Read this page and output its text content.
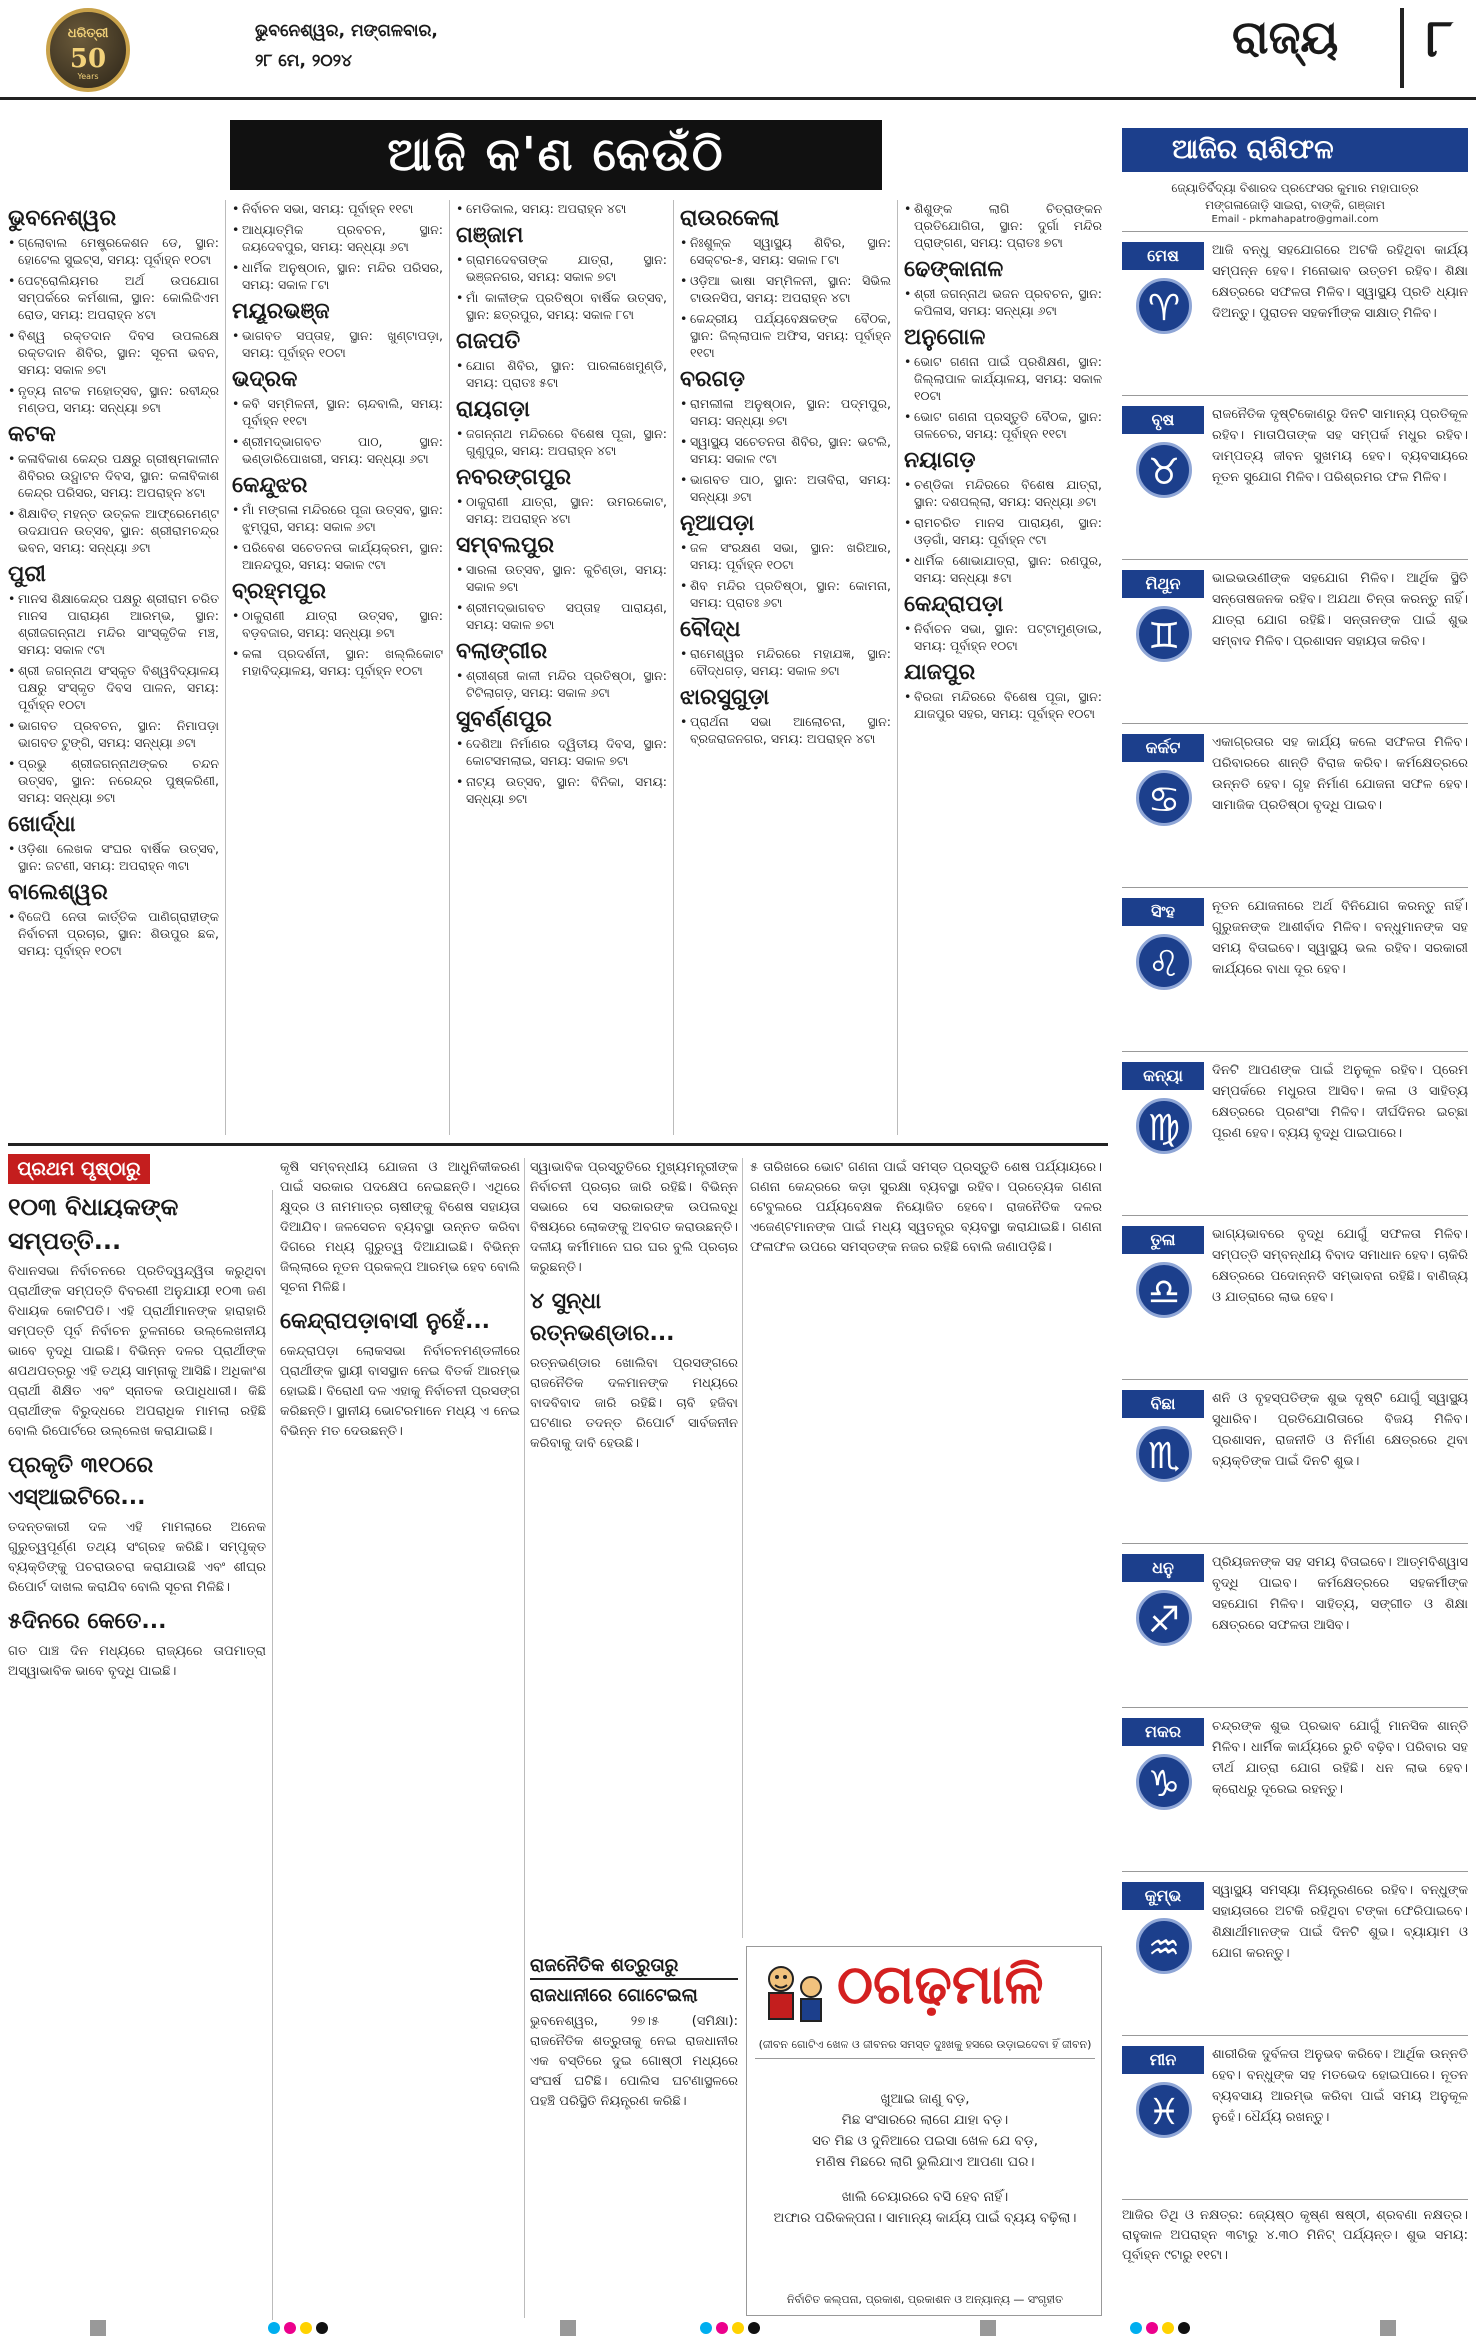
ଧରିତ୍ରୀ
50
Years
ଭୁବନେଶ୍ୱର, ମଙ୍ଗଳବାର,
୨୮ ମେ, ୨୦୨୪	ରାଜ୍ୟ	୮
ଆଜି କ'ଣ କେଉଁଠି
ଭୁବନେଶ୍ୱର
• ଗ୍ଲୋବାଲ ମେଷ୍ଟ୍ରକେଶନ ଡେ, ସ୍ଥାନ: ହୋଟେଲ ସୁଇଟ୍ସ, ସମୟ: ପୂର୍ବାହ୍ନ ୧୦ଟା
• ପେଟ୍ରୋଲିୟମର ଅର୍ଥ ଉପଯୋଗ ସମ୍ପର୍କରେ କର୍ମଶାଳା, ସ୍ଥାନ: କୋଲିଜିଏମ ରୋଡ, ସମୟ: ଅପରାହ୍ନ ୪ଟା
• ବିଶ୍ୱ ରକ୍ତଦାନ ଦିବସ ଉପଲକ୍ଷେ ରକ୍ତଦାନ ଶିବିର, ସ୍ଥାନ: ସୂଚନା ଭବନ, ସମୟ: ସକାଳ ୭ଟା
• ନୃତ୍ୟ ନାଟକ ମହୋତ୍ସବ, ସ୍ଥାନ: ରବୀନ୍ଦ୍ର ମଣ୍ଡପ, ସମୟ: ସନ୍ଧ୍ୟା ୭ଟା
କଟକ
• କଳାବିକାଶ କେନ୍ଦ୍ର ପକ୍ଷରୁ ଗ୍ରୀଷ୍ମକାଳୀନ ଶିବିରର ଉଦ୍ଘାଟନ ଦିବସ, ସ୍ଥାନ: କଳାବିକାଶ କେନ୍ଦ୍ର ପରିସର, ସମୟ: ଅପରାହ୍ନ ୪ଟା
• ଶିକ୍ଷାବିତ୍ ମହନ୍ତ ଉତ୍କଳ ଆଫ୍ରେମେଣ୍ଟ ଉଦଯାପନ ଉତ୍ସବ, ସ୍ଥାନ: ଶ୍ରୀରାମଚନ୍ଦ୍ର ଭବନ, ସମୟ: ସନ୍ଧ୍ୟା ୬ଟା
ପୁରୀ
• ମାନସ ଶିକ୍ଷାକେନ୍ଦ୍ର ପକ୍ଷରୁ ଶ୍ରୀରାମ ଚରିତ ମାନସ ପାରାୟଣ ଆରମ୍ଭ, ସ୍ଥାନ: ଶ୍ରୀଜଗନ୍ନାଥ ମନ୍ଦିର ସାଂସ୍କୃତିକ ମଞ୍ଚ, ସମୟ: ସକାଳ ୯ଟା
• ଶ୍ରୀ ଜଗନ୍ନାଥ ସଂସ୍କୃତ ବିଶ୍ୱବିଦ୍ୟାଳୟ ପକ୍ଷରୁ ସଂସ୍କୃତ ଦିବସ ପାଳନ, ସମୟ: ପୂର୍ବାହ୍ନ ୧୦ଟା
• ଭାଗବତ ପ୍ରବଚନ, ସ୍ଥାନ: ନିମାପଡ଼ା ଭାଗବତ ଟୁଙ୍ଗି, ସମୟ: ସନ୍ଧ୍ୟା ୬ଟା
• ପ୍ରଭୁ ଶ୍ରୀଜଗନ୍ନାଥଙ୍କର ଚନ୍ଦନ ଉତ୍ସବ, ସ୍ଥାନ: ନରେନ୍ଦ୍ର ପୁଷ୍କରିଣୀ, ସମୟ: ସନ୍ଧ୍ୟା ୭ଟା
ଖୋର୍ଦ୍ଧା
• ଓଡ଼ିଶା ଲେଖକ ସଂଘର ବାର୍ଷିକ ଉତ୍ସବ, ସ୍ଥାନ: ଜଟଣୀ, ସମୟ: ଅପରାହ୍ନ ୩ଟା
ବାଲେଶ୍ୱର
• ବିଜେପି ନେତା କାର୍ତ୍ତିକ ପାଣିଗ୍ରାହୀଙ୍କ ନିର୍ବାଚନୀ ପ୍ରଚାର, ସ୍ଥାନ: ଶିଉପୁର ଛକ, ସମୟ: ପୂର୍ବାହ୍ନ ୧୦ଟା
• ନିର୍ବାଚନ ସଭା, ସମୟ: ପୂର୍ବାହ୍ନ ୧୧ଟା
• ଆଧ୍ୟାତ୍ମିକ ପ୍ରବଚନ, ସ୍ଥାନ: ଜୟଦେବପୁର, ସମୟ: ସନ୍ଧ୍ୟା ୬ଟା
• ଧାର୍ମିକ ଅନୁଷ୍ଠାନ, ସ୍ଥାନ: ମନ୍ଦିର ପରିସର, ସମୟ: ସକାଳ ୮ଟା
ମୟୂରଭଞ୍ଜ
• ଭାଗବତ ସପ୍ତାହ, ସ୍ଥାନ: ଖୁଣ୍ଟାପଡ଼ା, ସମୟ: ପୂର୍ବାହ୍ନ ୧୦ଟା
ଭଦ୍ରକ
• କବି ସମ୍ମିଳନୀ, ସ୍ଥାନ: ଚାନ୍ଦବାଲି, ସମୟ: ପୂର୍ବାହ୍ନ ୧୧ଟା
• ଶ୍ରୀମଦ୍ଭାଗବତ ପାଠ, ସ୍ଥାନ: ଭଣ୍ଡାରିପୋଖରୀ, ସମୟ: ସନ୍ଧ୍ୟା ୬ଟା
କେନ୍ଦୁଝର
• ମାଁ ମଙ୍ଗଳା ମନ୍ଦିରରେ ପୂଜା ଉତ୍ସବ, ସ୍ଥାନ: ଝୁମ୍ପୁରା, ସମୟ: ସକାଳ ୬ଟା
• ପରିବେଶ ସଚେତନତା କାର୍ଯ୍ୟକ୍ରମ, ସ୍ଥାନ: ଆନନ୍ଦପୁର, ସମୟ: ସକାଳ ୯ଟା
ବ୍ରହ୍ମପୁର
• ଠାକୁରାଣୀ ଯାତ୍ରା ଉତ୍ସବ, ସ୍ଥାନ: ବଡ଼ବଜାର, ସମୟ: ସନ୍ଧ୍ୟା ୭ଟା
• କଳା ପ୍ରଦର୍ଶନୀ, ସ୍ଥାନ: ଖଲ୍ଲିକୋଟ ମହାବିଦ୍ୟାଳୟ, ସମୟ: ପୂର୍ବାହ୍ନ ୧୦ଟା
• ମେଡିକାଲ, ସମୟ: ଅପରାହ୍ନ ୪ଟା
ଗଞ୍ଜାମ
• ଗ୍ରାମଦେବତାଙ୍କ ଯାତ୍ରା, ସ୍ଥାନ: ଭଞ୍ଜନଗର, ସମୟ: ସକାଳ ୭ଟା
• ମାଁ କାଳୀଙ୍କ ପ୍ରତିଷ୍ଠା ବାର୍ଷିକ ଉତ୍ସବ, ସ୍ଥାନ: ଛତ୍ରପୁର, ସମୟ: ସକାଳ ୮ଟା
ଗଜପତି
• ଯୋଗ ଶିବିର, ସ୍ଥାନ: ପାରଳାଖେମୁଣ୍ଡି, ସମୟ: ପ୍ରାତଃ ୫ଟା
ରାୟଗଡ଼ା
• ଜଗନ୍ନାଥ ମନ୍ଦିରରେ ବିଶେଷ ପୂଜା, ସ୍ଥାନ: ଗୁଣୁପୁର, ସମୟ: ଅପରାହ୍ନ ୪ଟା
ନବରଙ୍ଗପୁର
• ଠାକୁରାଣୀ ଯାତ୍ରା, ସ୍ଥାନ: ଉମରକୋଟ, ସମୟ: ଅପରାହ୍ନ ୪ଟା
ସମ୍ବଲପୁର
• ସାରଳା ଉତ୍ସବ, ସ୍ଥାନ: କୁଚିଣ୍ଡା, ସମୟ: ସକାଳ ୭ଟା
• ଶ୍ରୀମଦ୍ଭାଗବତ ସପ୍ତାହ ପାରାୟଣ, ସମୟ: ସକାଳ ୭ଟା
ବଲାଙ୍ଗୀର
• ଶ୍ରୀଶ୍ରୀ କାଳୀ ମନ୍ଦିର ପ୍ରତିଷ୍ଠା, ସ୍ଥାନ: ଟିଟିଲାଗଡ଼, ସମୟ: ସକାଳ ୬ଟା
ସୁବର୍ଣ୍ଣପୁର
• ଦେଶିଆ ନିର୍ମାଣର ଦ୍ୱିତୀୟ ଦିବସ, ସ୍ଥାନ: କୋଟସମଲାଇ, ସମୟ: ସକାଳ ୭ଟା
• ନାଟ୍ୟ ଉତ୍ସବ, ସ୍ଥାନ: ବିନିକା, ସମୟ: ସନ୍ଧ୍ୟା ୭ଟା
ରାଉରକେଲା
• ନିଃଶୁଳ୍କ ସ୍ୱାସ୍ଥ୍ୟ ଶିବିର, ସ୍ଥାନ: ସେକ୍ଟର-୫, ସମୟ: ସକାଳ ୮ଟା
• ଓଡ଼ିଆ ଭାଷା ସମ୍ମିଳନୀ, ସ୍ଥାନ: ସିଭିଲ ଟାଉନସିପ, ସମୟ: ଅପରାହ୍ନ ୪ଟା
• କେନ୍ଦ୍ରୀୟ ପର୍ଯ୍ୟବେକ୍ଷକଙ୍କ ବୈଠକ, ସ୍ଥାନ: ଜିଲ୍ଲାପାଳ ଅଫିସ, ସମୟ: ପୂର୍ବାହ୍ନ ୧୧ଟା
ବରଗଡ଼
• ରାମଲୀଳା ଅନୁଷ୍ଠାନ, ସ୍ଥାନ: ପଦ୍ମପୁର, ସମୟ: ସନ୍ଧ୍ୟା ୭ଟା
• ସ୍ୱାସ୍ଥ୍ୟ ସଚେତନତା ଶିବିର, ସ୍ଥାନ: ଭଟଲି, ସମୟ: ସକାଳ ୯ଟା
• ଭାଗବତ ପାଠ, ସ୍ଥାନ: ଅତାବିରା, ସମୟ: ସନ୍ଧ୍ୟା ୬ଟା
ନୂଆପଡ଼ା
• ଜଳ ସଂରକ୍ଷଣ ସଭା, ସ୍ଥାନ: ଖରିଆର, ସମୟ: ପୂର୍ବାହ୍ନ ୧୦ଟା
• ଶିବ ମନ୍ଦିର ପ୍ରତିଷ୍ଠା, ସ୍ଥାନ: କୋମନା, ସମୟ: ପ୍ରାତଃ ୬ଟା
ବୌଦ୍ଧ
• ରାମେଶ୍ୱର ମନ୍ଦିରରେ ମହାଯଜ୍ଞ, ସ୍ଥାନ: ବୌଦ୍ଧଗଡ଼, ସମୟ: ସକାଳ ୭ଟା
ଝାରସୁଗୁଡ଼ା
• ପ୍ରାର୍ଥନା ସଭା ଆଲୋଚନା, ସ୍ଥାନ: ବ୍ରଜରାଜନଗର, ସମୟ: ଅପରାହ୍ନ ୪ଟା
• ଶିଶୁଙ୍କ ଲାଗି ଚିତ୍ରାଙ୍କନ ପ୍ରତିଯୋଗିତା, ସ୍ଥାନ: ଦୁର୍ଗା ମନ୍ଦିର ପ୍ରାଙ୍ଗଣ, ସମୟ: ପ୍ରାତଃ ୭ଟା
ଢେଙ୍କାନାଳ
• ଶ୍ରୀ ଜଗନ୍ନାଥ ଭଜନ ପ୍ରବଚନ, ସ୍ଥାନ: କପିଳାସ, ସମୟ: ସନ୍ଧ୍ୟା ୬ଟା
ଅନୁଗୋଳ
• ଭୋଟ ଗଣନା ପାଇଁ ପ୍ରଶିକ୍ଷଣ, ସ୍ଥାନ: ଜିଲ୍ଲାପାଳ କାର୍ଯ୍ୟାଳୟ, ସମୟ: ସକାଳ ୧୦ଟା
• ଭୋଟ ଗଣନା ପ୍ରସ୍ତୁତି ବୈଠକ, ସ୍ଥାନ: ତାଳଚେର, ସମୟ: ପୂର୍ବାହ୍ନ ୧୧ଟା
ନୟାଗଡ଼
• ଚଣ୍ଡିକା ମନ୍ଦିରରେ ବିଶେଷ ଯାତ୍ରା, ସ୍ଥାନ: ଦଶପଲ୍ଲା, ସମୟ: ସନ୍ଧ୍ୟା ୬ଟା
• ରାମଚରିତ ମାନସ ପାରାୟଣ, ସ୍ଥାନ: ଓଡ଼ଗାଁ, ସମୟ: ପୂର୍ବାହ୍ନ ୯ଟା
• ଧାର୍ମିକ ଶୋଭାଯାତ୍ରା, ସ୍ଥାନ: ରଣପୁର, ସମୟ: ସନ୍ଧ୍ୟା ୫ଟା
କେନ୍ଦ୍ରାପଡ଼ା
• ନିର୍ବାଚନ ସଭା, ସ୍ଥାନ: ପଟ୍ଟାମୁଣ୍ଡାଇ, ସମୟ: ପୂର୍ବାହ୍ନ ୧୦ଟା
ଯାଜପୁର
• ବିରଜା ମନ୍ଦିରରେ ବିଶେଷ ପୂଜା, ସ୍ଥାନ: ଯାଜପୁର ସହର, ସମୟ: ପୂର୍ବାହ୍ନ ୧୦ଟା
ଆଜିର ରାଶିଫଳ
ଜ୍ୟୋତିର୍ବିଦ୍ୟା ବିଶାରଦ ପ୍ରଫେସର କୁମାର ମହାପାତ୍ର
ମଙ୍ଗଳାଜୋଡ଼ି ସାଇରା, ବାଙ୍କି, ଗଞ୍ଜାମ
Email - pkmahapatro@gmail.com
ମେଷ
♈
ଆଜି ବନ୍ଧୁ ସହଯୋଗରେ ଅଟକି ରହିଥିବା କାର୍ଯ୍ୟ ସମ୍ପନ୍ନ ହେବ। ମନୋଭାବ ଉତ୍ତମ ରହିବ। ଶିକ୍ଷା କ୍ଷେତ୍ରରେ ସଫଳତା ମିଳିବ। ସ୍ୱାସ୍ଥ୍ୟ ପ୍ରତି ଧ୍ୟାନ ଦିଅନ୍ତୁ। ପୁରାତନ ସହକର୍ମୀଙ୍କ ସାକ୍ଷାତ୍ ମିଳିବ।
ବୃଷ
♉
ରାଜନୈତିକ ଦୃଷ୍ଟିକୋଣରୁ ଦିନଟି ସାମାନ୍ୟ ପ୍ରତିକୂଳ ରହିବ। ମାତାପିତାଙ୍କ ସହ ସମ୍ପର୍କ ମଧୁର ରହିବ। ଦାମ୍ପତ୍ୟ ଜୀବନ ସୁଖମୟ ହେବ। ବ୍ୟବସାୟରେ ନୂତନ ସୁଯୋଗ ମିଳିବ। ପରିଶ୍ରମର ଫଳ ମିଳିବ।
ମିଥୁନ
♊
ଭାଇଭଉଣୀଙ୍କ ସହଯୋଗ ମିଳିବ। ଆର୍ଥିକ ସ୍ଥିତି ସନ୍ତୋଷଜନକ ରହିବ। ଅଯଥା ଚିନ୍ତା କରନ୍ତୁ ନାହିଁ। ଯାତ୍ରା ଯୋଗ ରହିଛି। ସନ୍ତାନଙ୍କ ପାଇଁ ଶୁଭ ସମ୍ବାଦ ମିଳିବ। ପ୍ରଶାସନ ସହାୟତା କରିବ।
କର୍କଟ
♋
ଏକାଗ୍ରତାର ସହ କାର୍ଯ୍ୟ କଲେ ସଫଳତା ମିଳିବ। ପରିବାରରେ ଶାନ୍ତି ବିରାଜ କରିବ। କର୍ମକ୍ଷେତ୍ରରେ ଉନ୍ନତି ହେବ। ଗୃହ ନିର୍ମାଣ ଯୋଜନା ସଫଳ ହେବ। ସାମାଜିକ ପ୍ରତିଷ୍ଠା ବୃଦ୍ଧି ପାଇବ।
ସିଂହ
♌
ନୂତନ ଯୋଜନାରେ ଅର୍ଥ ବିନିଯୋଗ କରନ୍ତୁ ନାହିଁ। ଗୁରୁଜନଙ୍କ ଆଶୀର୍ବାଦ ମିଳିବ। ବନ୍ଧୁମାନଙ୍କ ସହ ସମୟ ବିତାଇବେ। ସ୍ୱାସ୍ଥ୍ୟ ଭଲ ରହିବ। ସରକାରୀ କାର୍ଯ୍ୟରେ ବାଧା ଦୂର ହେବ।
କନ୍ୟା
♍
ଦିନଟି ଆପଣଙ୍କ ପାଇଁ ଅନୁକୂଳ ରହିବ। ପ୍ରେମ ସମ୍ପର୍କରେ ମଧୁରତା ଆସିବ। କଳା ଓ ସାହିତ୍ୟ କ୍ଷେତ୍ରରେ ପ୍ରଶଂସା ମିଳିବ। ଦୀର୍ଘଦିନର ଇଚ୍ଛା ପୂରଣ ହେବ। ବ୍ୟୟ ବୃଦ୍ଧି ପାଇପାରେ।
ତୁଳା
♎
ଭାଗ୍ୟଭାବରେ ବୃଦ୍ଧି ଯୋଗୁଁ ସଫଳତା ମିଳିବ। ସମ୍ପତ୍ତି ସମ୍ବନ୍ଧୀୟ ବିବାଦ ସମାଧାନ ହେବ। ଚାକିରି କ୍ଷେତ୍ରରେ ପଦୋନ୍ନତି ସମ୍ଭାବନା ରହିଛି। ବାଣିଜ୍ୟ ଓ ଯାତ୍ରାରେ ଲାଭ ହେବ।
ବିଛା
♏
ଶନି ଓ ବୃହସ୍ପତିଙ୍କ ଶୁଭ ଦୃଷ୍ଟି ଯୋଗୁଁ ସ୍ୱାସ୍ଥ୍ୟ ସୁଧାରିବ। ପ୍ରତିଯୋଗିତାରେ ବିଜୟ ମିଳିବ। ପ୍ରଶାସନ, ରାଜନୀତି ଓ ନିର୍ମାଣ କ୍ଷେତ୍ରରେ ଥିବା ବ୍ୟକ୍ତିଙ୍କ ପାଇଁ ଦିନଟି ଶୁଭ।
ଧନୁ
♐
ପ୍ରିୟଜନଙ୍କ ସହ ସମୟ ବିତାଇବେ। ଆତ୍ମବିଶ୍ୱାସ ବୃଦ୍ଧି ପାଇବ। କର୍ମକ୍ଷେତ୍ରରେ ସହକର୍ମୀଙ୍କ ସହଯୋଗ ମିଳିବ। ସାହିତ୍ୟ, ସଙ୍ଗୀତ ଓ ଶିକ୍ଷା କ୍ଷେତ୍ରରେ ସଫଳତା ଆସିବ।
ମକର
♑
ଚନ୍ଦ୍ରଙ୍କ ଶୁଭ ପ୍ରଭାବ ଯୋଗୁଁ ମାନସିକ ଶାନ୍ତି ମିଳିବ। ଧାର୍ମିକ କାର୍ଯ୍ୟରେ ରୁଚି ବଢ଼ିବ। ପରିବାର ସହ ତୀର୍ଥ ଯାତ୍ରା ଯୋଗ ରହିଛି। ଧନ ଲାଭ ହେବ। କ୍ରୋଧରୁ ଦୂରେଇ ରହନ୍ତୁ।
କୁମ୍ଭ
♒
ସ୍ୱାସ୍ଥ୍ୟ ସମସ୍ୟା ନିୟନ୍ତ୍ରଣରେ ରହିବ। ବନ୍ଧୁଙ୍କ ସହାୟତାରେ ଅଟକି ରହିଥିବା ଟଙ୍କା ଫେରିପାଇବେ। ଶିକ୍ଷାର୍ଥୀମାନଙ୍କ ପାଇଁ ଦିନଟି ଶୁଭ। ବ୍ୟାୟାମ ଓ ଯୋଗ କରନ୍ତୁ।
ମୀନ
♓
ଶାରୀରିକ ଦୁର୍ବଳତା ଅନୁଭବ କରିବେ। ଆର୍ଥିକ ଉନ୍ନତି ହେବ। ବନ୍ଧୁଙ୍କ ସହ ମତଭେଦ ହୋଇପାରେ। ନୂତନ ବ୍ୟବସାୟ ଆରମ୍ଭ କରିବା ପାଇଁ ସମୟ ଅନୁକୂଳ ନୁହେଁ। ଧୈର୍ଯ୍ୟ ରଖନ୍ତୁ।
ଆଜିର ତିଥି ଓ ନକ୍ଷତ୍ର: ଜ୍ୟେଷ୍ଠ କୃଷ୍ଣ ଷଷ୍ଠୀ, ଶ୍ରବଣା ନକ୍ଷତ୍ର। ରାହୁକାଳ ଅପରାହ୍ନ ୩ଟାରୁ ୪.୩୦ ମିନିଟ୍ ପର୍ଯ୍ୟନ୍ତ। ଶୁଭ ସମୟ: ପୂର୍ବାହ୍ନ ୯ଟାରୁ ୧୧ଟା।
ପ୍ରଥମ ପୃଷ୍ଠାରୁ
୧୦୩ ବିଧାୟକଙ୍କ ସମ୍ପତ୍ତି...
ବିଧାନସଭା ନିର୍ବାଚନରେ ପ୍ରତିଦ୍ୱନ୍ଦ୍ୱିତା କରୁଥିବା ପ୍ରାର୍ଥୀଙ୍କ ସମ୍ପତ୍ତି ବିବରଣୀ ଅନୁଯାୟୀ ୧୦୩ ଜଣ ବିଧାୟକ କୋଟିପତି। ଏହି ପ୍ରାର୍ଥୀମାନଙ୍କ ହାରାହାରି ସମ୍ପତ୍ତି ପୂର୍ବ ନିର୍ବାଚନ ତୁଳନାରେ ଉଲ୍ଲେଖନୀୟ ଭାବେ ବୃଦ୍ଧି ପାଇଛି। ବିଭିନ୍ନ ଦଳର ପ୍ରାର୍ଥୀଙ୍କ ଶପଥପତ୍ରରୁ ଏହି ତଥ୍ୟ ସାମ୍ନାକୁ ଆସିଛି। ଅଧିକାଂଶ ପ୍ରାର୍ଥୀ ଶିକ୍ଷିତ ଏବଂ ସ୍ନାତକ ଉପାଧିଧାରୀ। କିଛି ପ୍ରାର୍ଥୀଙ୍କ ବିରୁଦ୍ଧରେ ଅପରାଧିକ ମାମଲା ରହିଛି ବୋଲି ରିପୋର୍ଟରେ ଉଲ୍ଲେଖ କରାଯାଇଛି।
ପ୍ରକୃତି ୩୧୦ରେ ଏସ୍ଆଇଟିରେ...
ତଦନ୍ତକାରୀ ଦଳ ଏହି ମାମଲାରେ ଅନେକ ଗୁରୁତ୍ୱପୂର୍ଣ୍ଣ ତଥ୍ୟ ସଂଗ୍ରହ କରିଛି। ସମ୍ପୃକ୍ତ ବ୍ୟକ୍ତିଙ୍କୁ ପଚରାଉଚରା କରାଯାଉଛି ଏବଂ ଶୀଘ୍ର ରିପୋର୍ଟ ଦାଖଲ କରାଯିବ ବୋଲି ସୂଚନା ମିଳିଛି।
୫ଦିନରେ କେତେ...
ଗତ ପାଞ୍ଚ ଦିନ ମଧ୍ୟରେ ରାଜ୍ୟରେ ତାପମାତ୍ରା ଅସ୍ୱାଭାବିକ ଭାବେ ବୃଦ୍ଧି ପାଇଛି।
କୃଷି ସମ୍ବନ୍ଧୀୟ ଯୋଜନା ଓ ଆଧୁନିକୀକରଣ ପାଇଁ ସରକାର ପଦକ୍ଷେପ ନେଇଛନ୍ତି। ଏଥିରେ କ୍ଷୁଦ୍ର ଓ ନାମମାତ୍ର ଚାଷୀଙ୍କୁ ବିଶେଷ ସହାୟତା ଦିଆଯିବ। ଜଳସେଚନ ବ୍ୟବସ୍ଥା ଉନ୍ନତ କରିବା ଦିଗରେ ମଧ୍ୟ ଗୁରୁତ୍ୱ ଦିଆଯାଇଛି। ବିଭିନ୍ନ ଜିଲ୍ଲାରେ ନୂତନ ପ୍ରକଳ୍ପ ଆରମ୍ଭ ହେବ ବୋଲି ସୂଚନା ମିଳିଛି।
କେନ୍ଦ୍ରାପଡ଼ାବାସୀ ନୁହେଁ...
କେନ୍ଦ୍ରାପଡ଼ା ଲୋକସଭା ନିର୍ବାଚନମଣ୍ଡଳୀରେ ପ୍ରାର୍ଥୀଙ୍କ ସ୍ଥାୟୀ ବାସସ୍ଥାନ ନେଇ ବିତର୍କ ଆରମ୍ଭ ହୋଇଛି। ବିରୋଧୀ ଦଳ ଏହାକୁ ନିର୍ବାଚନୀ ପ୍ରସଙ୍ଗ କରିଛନ୍ତି। ସ୍ଥାନୀୟ ଭୋଟରମାନେ ମଧ୍ୟ ଏ ନେଇ ବିଭିନ୍ନ ମତ ଦେଉଛନ୍ତି।
ସ୍ୱାଭାବିକ ପ୍ରସ୍ତୁତିରେ ମୁଖ୍ୟମନ୍ତ୍ରୀଙ୍କ ନିର୍ବାଚନୀ ପ୍ରଚାର ଜାରି ରହିଛି। ବିଭିନ୍ନ ସଭାରେ ସେ ସରକାରଙ୍କ ଉପଲବ୍ଧି ବିଷୟରେ ଲୋକଙ୍କୁ ଅବଗତ କରାଉଛନ୍ତି। ଦଳୀୟ କର୍ମୀମାନେ ଘର ଘର ବୁଲି ପ୍ରଚାର କରୁଛନ୍ତି।
୪ ସୁନ୍ଧା ରତ୍ନଭଣ୍ଡାର...
ରତ୍ନଭଣ୍ଡାର ଖୋଲିବା ପ୍ରସଙ୍ଗରେ ରାଜନୈତିକ ଦଳମାନଙ୍କ ମଧ୍ୟରେ ବାଦବିବାଦ ଜାରି ରହିଛି। ଚାବି ହଜିବା ଘଟଣାର ତଦନ୍ତ ରିପୋର୍ଟ ସାର୍ବଜନୀନ କରିବାକୁ ଦାବି ହେଉଛି।
ରାଜନୈତିକ ଶତ୍ରୁତାରୁ
ରାଜଧାନୀରେ ଗୋଟେଇଲା
ଭୁବନେଶ୍ୱର, ୨୭।୫ (ସମିକ୍ଷା): ରାଜନୈତିକ ଶତ୍ରୁତାକୁ ନେଇ ରାଜଧାନୀର ଏକ ବସ୍ତିରେ ଦୁଇ ଗୋଷ୍ଠୀ ମଧ୍ୟରେ ସଂଘର୍ଷ ଘଟିଛି। ପୋଲିସ ଘଟଣାସ୍ଥଳରେ ପହଞ୍ଚି ପରିସ୍ଥିତି ନିୟନ୍ତ୍ରଣ କରିଛି।
୫ ତାରିଖରେ ଭୋଟ ଗଣନା ପାଇଁ ସମସ୍ତ ପ୍ରସ୍ତୁତି ଶେଷ ପର୍ଯ୍ୟାୟରେ। ଗଣନା କେନ୍ଦ୍ରରେ କଡ଼ା ସୁରକ୍ଷା ବ୍ୟବସ୍ଥା ରହିବ। ପ୍ରତ୍ୟେକ ଗଣନା ଟେବୁଲରେ ପର୍ଯ୍ୟବେକ୍ଷକ ନିୟୋଜିତ ହେବେ। ରାଜନୈତିକ ଦଳର ଏଜେଣ୍ଟମାନଙ୍କ ପାଇଁ ମଧ୍ୟ ସ୍ୱତନ୍ତ୍ର ବ୍ୟବସ୍ଥା କରାଯାଇଛି। ଗଣନା ଫଳାଫଳ ଉପରେ ସମସ୍ତଙ୍କ ନଜର ରହିଛି ବୋଲି ଜଣାପଡ଼ିଛି।
ଠଗଢ଼ମାଳି
(ଜୀବନ ଗୋଟିଏ ଖେଳ ଓ ଜୀବନର ସମସ୍ତ ଦୁଃଖକୁ ହସରେ ଉଡ଼ାଇଦେବା ହିଁ ଜୀବନ)
ଖୁଆଇ ଜାଣୁ ବଡ଼,
ମିଛ ସଂସାରରେ ଲାଗେ ଯାହା ବଡ଼।
ସତ ମିଛ ଓ ଦୁନିଆରେ ପଇସା ଖେଳ ଯେ ବଡ଼,
ମଣିଷ ମିଛରେ ଲାଗି ଭୁଲିଯାଏ ଆପଣା ଘର।
ଖାଲି ଚେୟାରରେ ବସି ହେବ ନାହିଁ।
ଅଫାର ପରିକଳ୍ପନା। ସାମାନ୍ୟ କାର୍ଯ୍ୟ ପାଇଁ ବ୍ୟୟ ବଢ଼ିଲା।
ନିର୍ବାଚିତ କଲ୍ପନା, ପ୍ରକାଶ, ପ୍ରକାଶନ ଓ ଅନ୍ୟାନ୍ୟ — ସଂଗୃହୀତ
